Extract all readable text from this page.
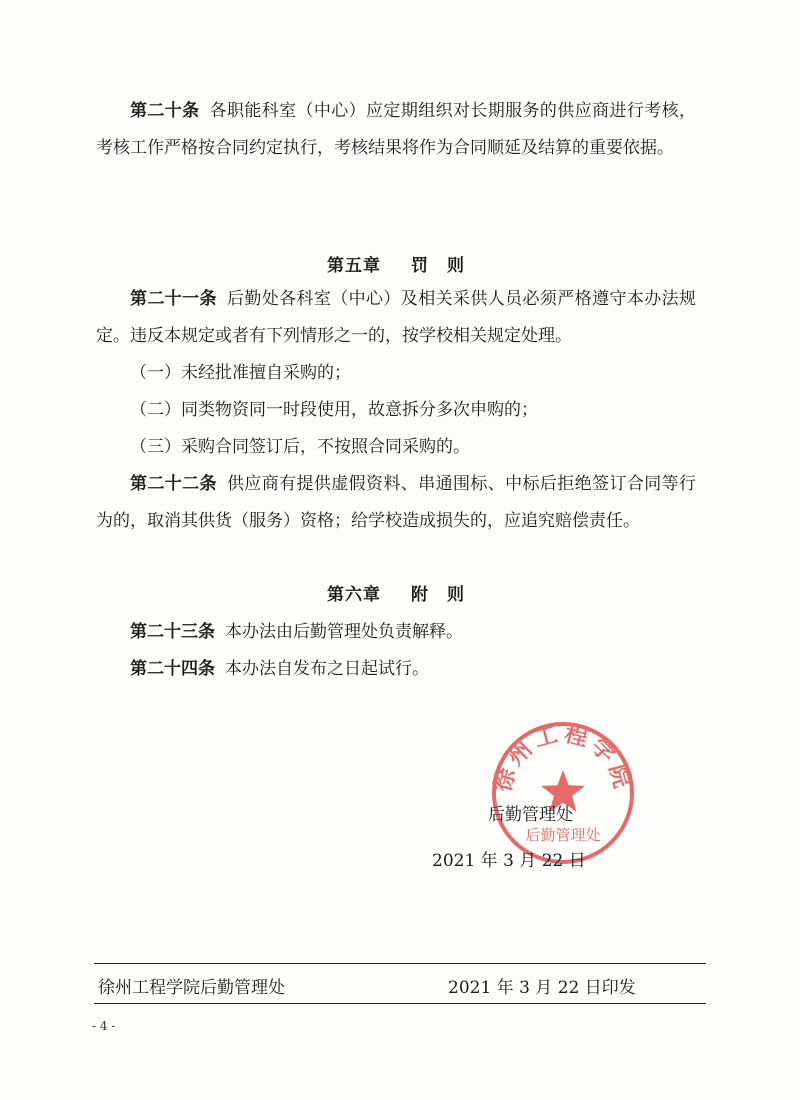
第二十条 各职能科室（中心）应定期组织对长期服务的供应商进行考核，考核工作严格按合同约定执行，考核结果将作为合同顺延及结算的重要依据。

第五章 罚　则

第二十一条 后勤处各科室（中心）及相关采供人员必须严格遵守本办法规定。违反本规定或者有下列情形之一的，按学校相关规定处理。

（一）未经批准擅自采购的；
（二）同类物资同一时段使用，故意拆分多次申购的；
（三）采购合同签订后，不按照合同采购的。

第二十二条 供应商有提供虚假资料、串通围标、中标后拒绝签订合同等行为的，取消其供货（服务）资格；给学校造成损失的，应追究赔偿责任。

第六章 附　则

第二十三条 本办法由后勤管理处负责解释。

第二十四条 本办法自发布之日起试行。

徐州工程学院
后勤管理处
后勤管理处
2021 年 3 月 22 日
徐州工程学院后勤管理处	2021 年 3 月 22 日印发
- 4 -
